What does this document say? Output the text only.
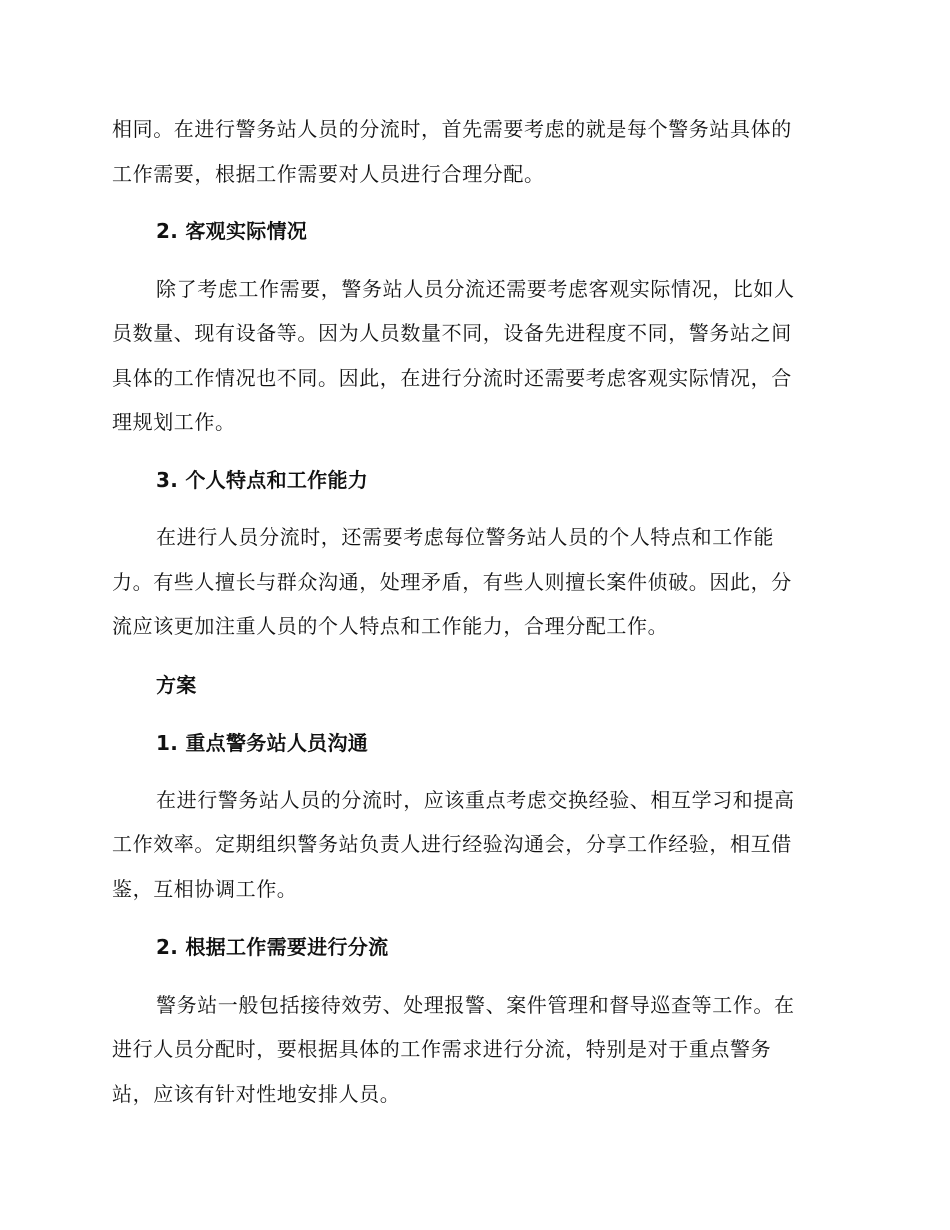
相同。在进行警务站人员的分流时，首先需要考虑的就是每个警务站具体的
工作需要，根据工作需要对人员进行合理分配。
2. 客观实际情况
除了考虑工作需要，警务站人员分流还需要考虑客观实际情况，比如人
员数量、现有设备等。因为人员数量不同，设备先进程度不同，警务站之间
具体的工作情况也不同。因此，在进行分流时还需要考虑客观实际情况，合
理规划工作。
3. 个人特点和工作能力
在进行人员分流时，还需要考虑每位警务站人员的个人特点和工作能
力。有些人擅长与群众沟通，处理矛盾，有些人则擅长案件侦破。因此，分
流应该更加注重人员的个人特点和工作能力，合理分配工作。
方案
1. 重点警务站人员沟通
在进行警务站人员的分流时，应该重点考虑交换经验、相互学习和提高
工作效率。定期组织警务站负责人进行经验沟通会，分享工作经验，相互借
鉴，互相协调工作。
2. 根据工作需要进行分流
警务站一般包括接待效劳、处理报警、案件管理和督导巡查等工作。在
进行人员分配时，要根据具体的工作需求进行分流，特别是对于重点警务
站，应该有针对性地安排人员。
